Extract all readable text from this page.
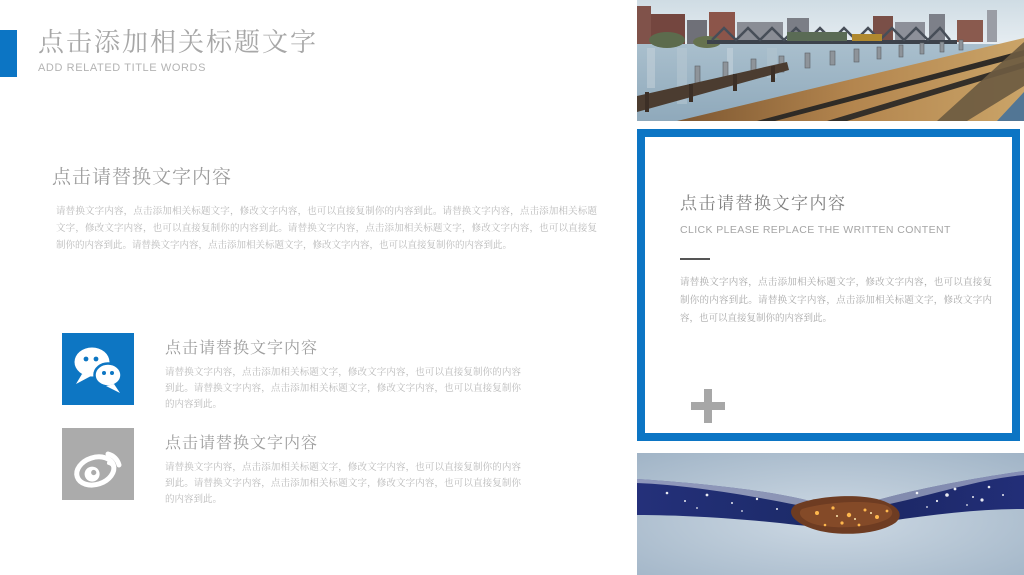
点击添加相关标题文字
ADD RELATED TITLE WORDS
点击请替换文字内容

请替换文字内容，点击添加相关标题文字，修改文字内容，也可以直接复制你的内容到此。请替换文字内容，点击添加相关标题文字，修改文字内容，也可以直接复制你的内容到此。请替换文字内容，点击添加相关标题文字，修改文字内容，也可以直接复制你的内容到此。请替换文字内容，点击添加相关标题文字，修改文字内容，也可以直接复制你的内容到此。

点击请替换文字内容

请替换文字内容，点击添加相关标题文字，修改文字内容，也可以直接复制你的内容到此。请替换文字内容，点击添加相关标题文字，修改文字内容，也可以直接复制你的内容到此。

点击请替换文字内容

请替换文字内容，点击添加相关标题文字，修改文字内容，也可以直接复制你的内容到此。请替换文字内容，点击添加相关标题文字，修改文字内容，也可以直接复制你的内容到此。

点击请替换文字内容
CLICK PLEASE REPLACE THE WRITTEN CONTENT

请替换文字内容，点击添加相关标题文字，修改文字内容，也可以直接复制你的内容到此。请替换文字内容，点击添加相关标题文字，修改文字内容，也可以直接复制你的内容到此。
